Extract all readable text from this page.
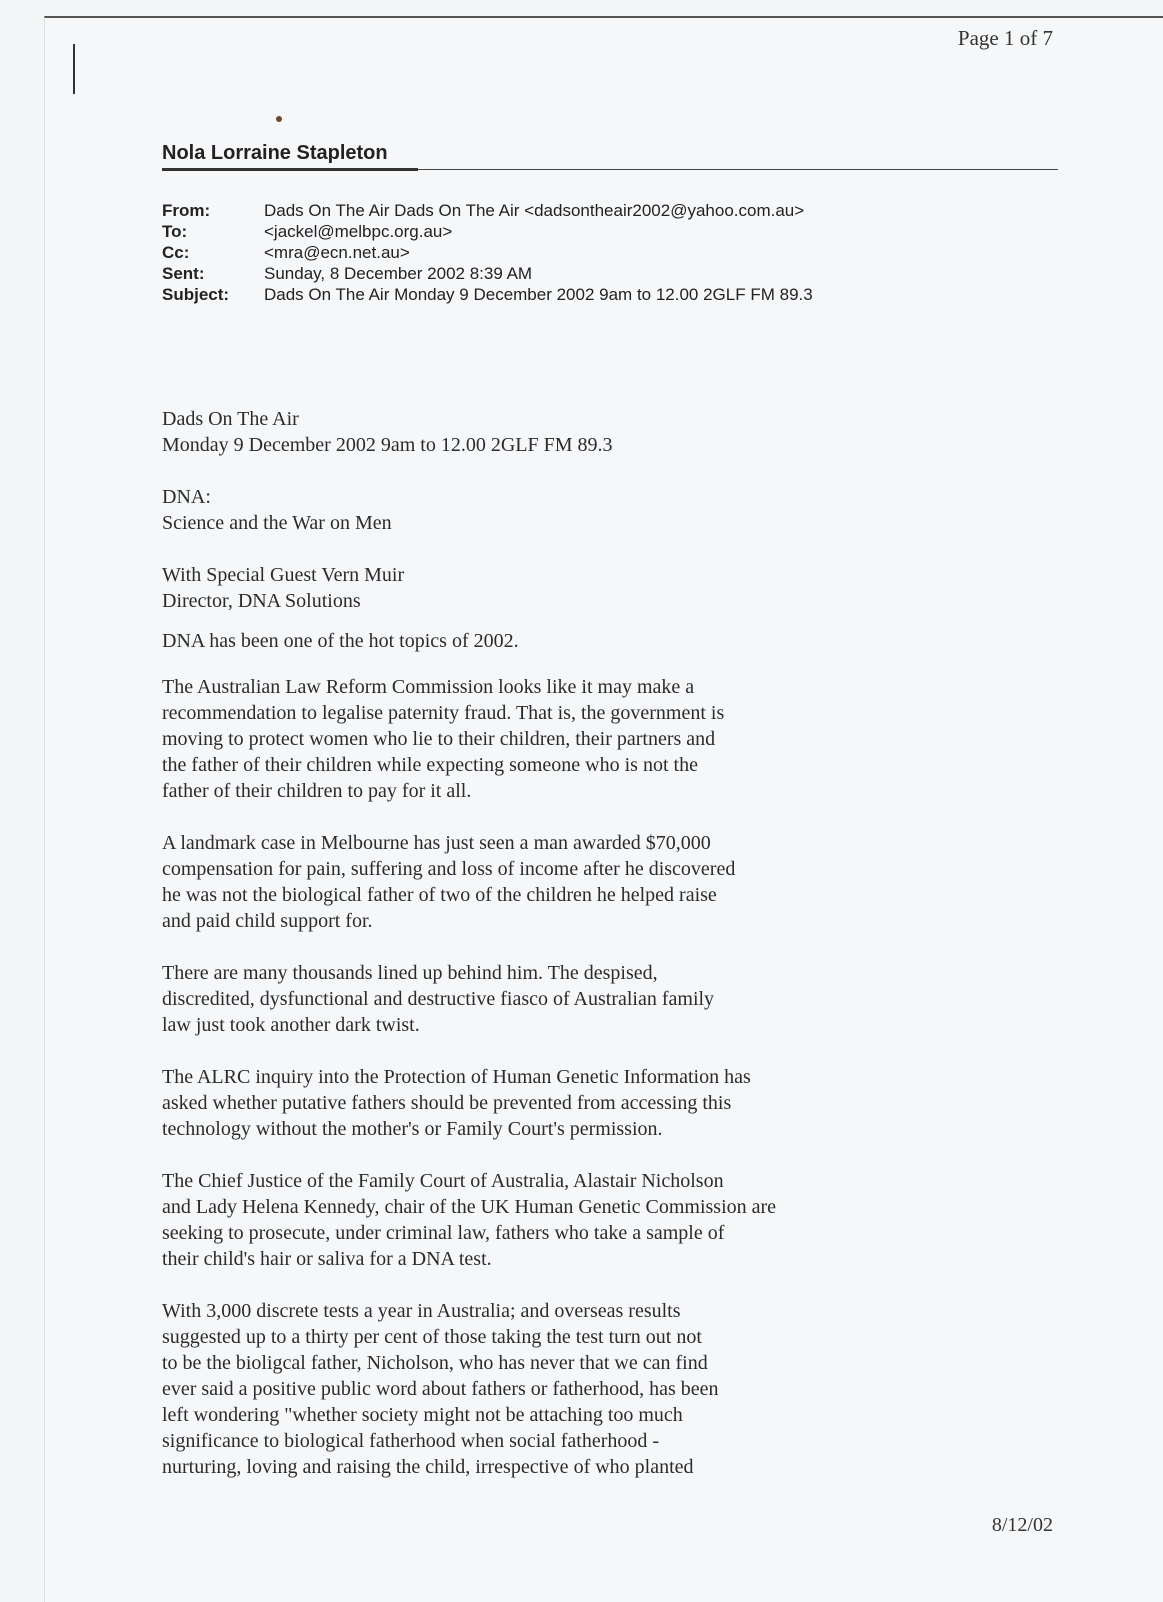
Page 1 of 7
Nola Lorraine Stapleton
From:	Dads On The Air Dads On The Air <dadsontheair2002@yahoo.com.au>
To:	<jackel@melbpc.org.au>
Cc:	<mra@ecn.net.au>
Sent:	Sunday, 8 December 2002 8:39 AM
Subject:	Dads On The Air Monday 9 December 2002 9am to 12.00 2GLF FM 89.3

Dads On The Air

Monday 9 December 2002 9am to 12.00 2GLF FM 89.3

DNA:

Science and the War on Men

With Special Guest Vern Muir

Director, DNA Solutions

DNA has been one of the hot topics of 2002.

The Australian Law Reform Commission looks like it may make a

recommendation to legalise paternity fraud. That is, the government is

moving to protect women who lie to their children, their partners and

the father of their children while expecting someone who is not the

father of their children to pay for it all.

A landmark case in Melbourne has just seen a man awarded $70,000

compensation for pain, suffering and loss of income after he discovered

he was not the biological father of two of the children he helped raise

and paid child support for.

There are many thousands lined up behind him. The despised,

discredited, dysfunctional and destructive fiasco of Australian family

law just took another dark twist.

The ALRC inquiry into the Protection of Human Genetic Information has

asked whether putative fathers should be prevented from accessing this

technology without the mother's or Family Court's permission.

The Chief Justice of the Family Court of Australia, Alastair Nicholson

and Lady Helena Kennedy, chair of the UK Human Genetic Commission are

seeking to prosecute, under criminal law, fathers who take a sample of

their child's hair or saliva for a DNA test.

With 3,000 discrete tests a year in Australia; and overseas results

suggested up to a thirty per cent of those taking the test turn out not

to be the bioligcal father, Nicholson, who has never that we can find

ever said a positive public word about fathers or fatherhood, has been

left wondering "whether society might not be attaching too much

significance to biological fatherhood when social fatherhood -

nurturing, loving and raising the child, irrespective of who planted

8/12/02
